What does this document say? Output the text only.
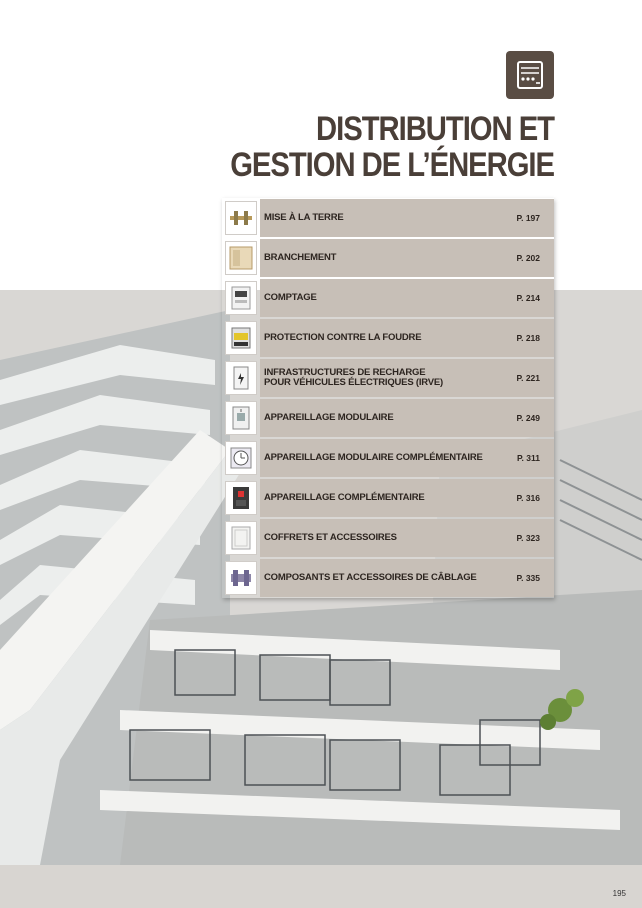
195
DISTRIBUTION ET
GESTION DE L’ÉNERGIE
MISE À LA TERRE	P. 197
BRANCHEMENT	P. 202
COMPTAGE	P. 214
PROTECTION CONTRE LA FOUDRE	P. 218
INFRASTRUCTURES DE RECHARGE
POUR VÉHICULES ÉLECTRIQUES (IRVE)	P. 221
APPAREILLAGE MODULAIRE	P. 249
APPAREILLAGE MODULAIRE COMPLÉMENTAIRE	P. 311
APPAREILLAGE COMPLÉMENTAIRE	P. 316
COFFRETS ET ACCESSOIRES	P. 323
COMPOSANTS ET ACCESSOIRES DE CÂBLAGE	P. 335
